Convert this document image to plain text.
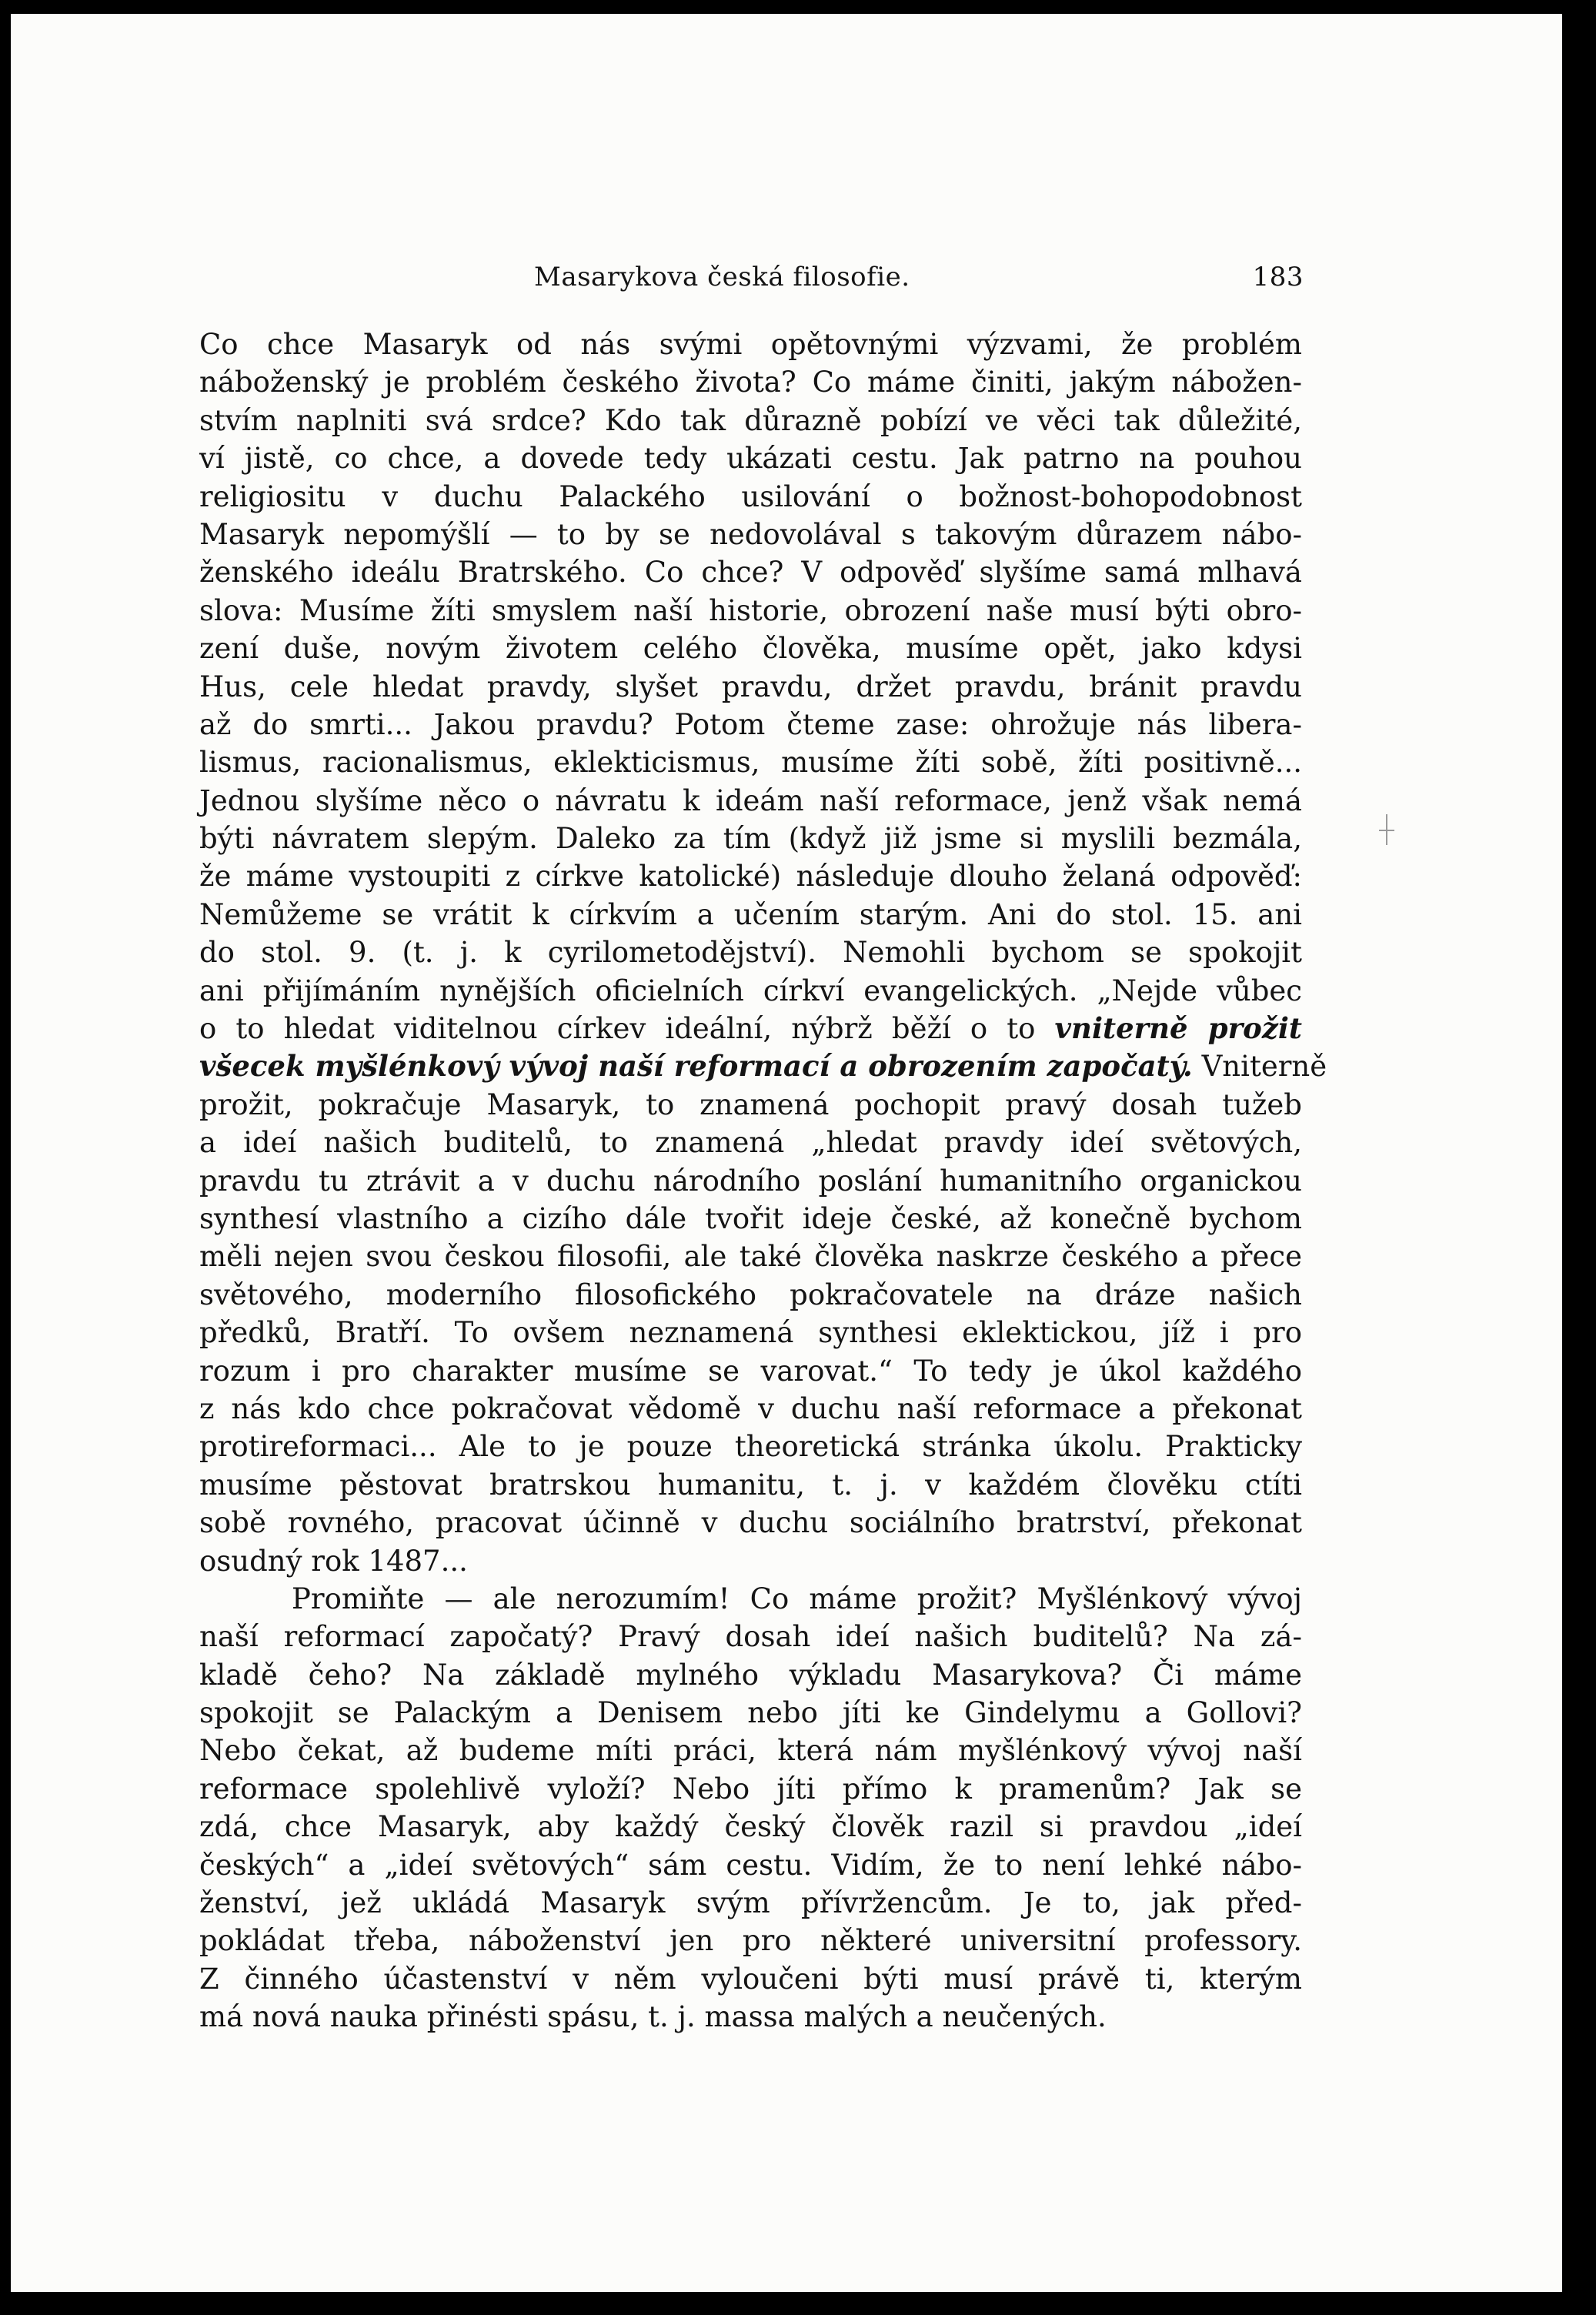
Masarykova česká filosofie.	183
Co chce Masaryk od nás svými opětovnými výzvami, že problém
náboženský je problém českého života? Co máme činiti, jakým nábožen-
stvím naplniti svá srdce? Kdo tak důrazně pobízí ve věci tak důležité,
ví jistě, co chce, a dovede tedy ukázati cestu. Jak patrno na pouhou
religiositu v duchu Palackého usilování o božnost-bohopodobnost
Masaryk nepomýšlí — to by se nedovolával s takovým důrazem nábo-
ženského ideálu Bratrského. Co chce? V odpověď slyšíme samá mlhavá
slova: Musíme žíti smyslem naší historie, obrození naše musí býti obro-
zení duše, novým životem celého člověka, musíme opět, jako kdysi
Hus, cele hledat pravdy, slyšet pravdu, držet pravdu, bránit pravdu
až do smrti... Jakou pravdu? Potom čteme zase: ohrožuje nás libera-
lismus, racionalismus, eklekticismus, musíme žíti sobě, žíti positivně...
Jednou slyšíme něco o návratu k ideám naší reformace, jenž však nemá
býti návratem slepým. Daleko za tím (když již jsme si myslili bezmála,
že máme vystoupiti z církve katolické) následuje dlouho želaná odpověď:
Nemůžeme se vrátit k církvím a učením starým. Ani do stol. 15. ani
do stol. 9. (t. j. k cyrilometodějství). Nemohli bychom se spokojit
ani přijímáním nynějších oficielních církví evangelických. „Nejde vůbec
o to hledat viditelnou církev ideální, nýbrž běží o to vniterně prožit
všecek myšlénkový vývoj naší reformací a obrozením započatý. Vniterně
prožit, pokračuje Masaryk, to znamená pochopit pravý dosah tužeb
a ideí našich buditelů, to znamená „hledat pravdy ideí světových,
pravdu tu ztrávit a v duchu národního poslání humanitního organickou
synthesí vlastního a cizího dále tvořit ideje české, až konečně bychom
měli nejen svou českou filosofii, ale také člověka naskrze českého a přece
světového, moderního filosofického pokračovatele na dráze našich
předků, Bratří. To ovšem neznamená synthesi eklektickou, jíž i pro
rozum i pro charakter musíme se varovat.“ To tedy je úkol každého
z nás kdo chce pokračovat vědomě v duchu naší reformace a překonat
protireformaci... Ale to je pouze theoretická stránka úkolu. Prakticky
musíme pěstovat bratrskou humanitu, t. j. v každém člověku ctíti
sobě rovného, pracovat účinně v duchu sociálního bratrství, překonat
osudný rok 1487...
Promiňte — ale nerozumím! Co máme prožit? Myšlénkový vývoj
naší reformací započatý? Pravý dosah ideí našich buditelů? Na zá-
kladě čeho? Na základě mylného výkladu Masarykova? Či máme
spokojit se Palackým a Denisem nebo jíti ke Gindelymu a Gollovi?
Nebo čekat, až budeme míti práci, která nám myšlénkový vývoj naší
reformace spolehlivě vyloží? Nebo jíti přímo k pramenům? Jak se
zdá, chce Masaryk, aby každý český člověk razil si pravdou „ideí
českých“ a „ideí světových“ sám cestu. Vidím, že to není lehké nábo-
ženství, jež ukládá Masaryk svým přívržencům. Je to, jak před-
pokládat třeba, náboženství jen pro některé universitní professory.
Z činného účastenství v něm vyloučeni býti musí právě ti, kterým
má nová nauka přinésti spásu, t. j. massa malých a neučených.
